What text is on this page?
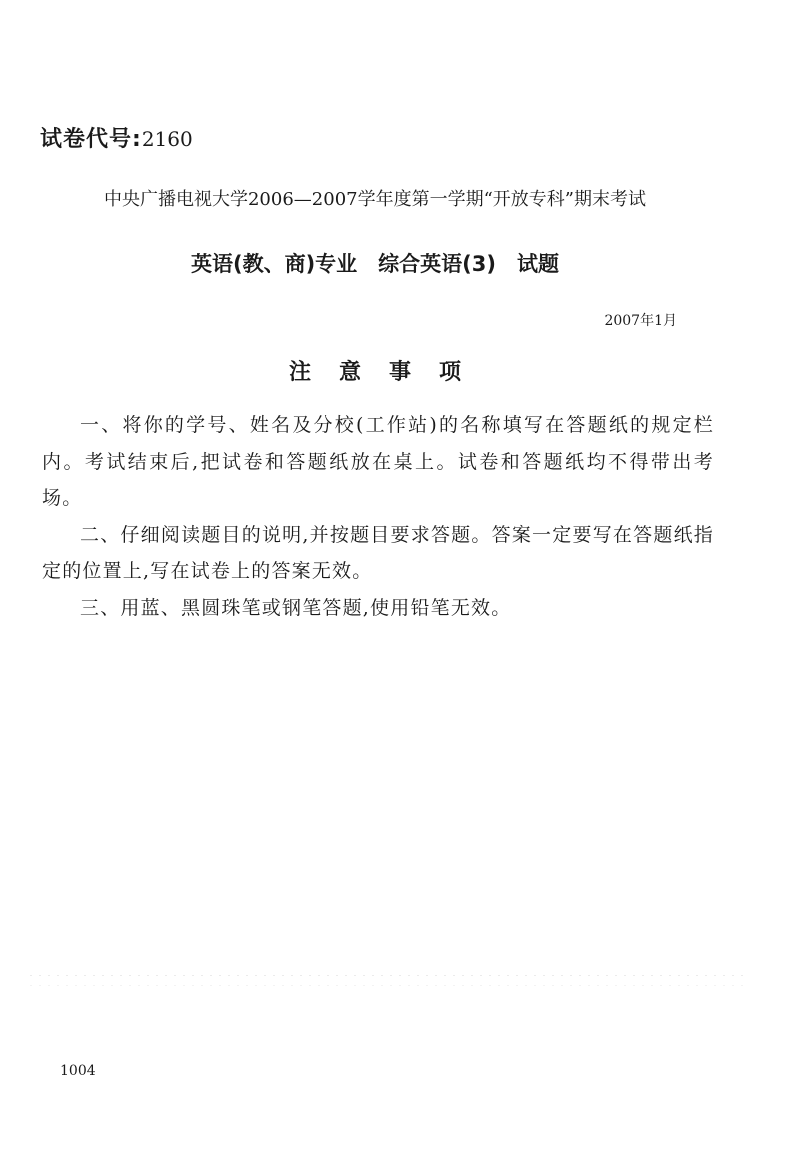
试卷代号:2160
中央广播电视大学2006—2007学年度第一学期“开放专科”期末考试
英语(教、商)专业　综合英语(3)　试题
2007年1月
注意事项

一、将你的学号、姓名及分校(工作站)的名称填写在答题纸的规定栏内。考试结束后,把试卷和答题纸放在桌上。试卷和答题纸均不得带出考场。

二、仔细阅读题目的说明,并按题目要求答题。答案一定要写在答题纸指定的位置上,写在试卷上的答案无效。

三、用蓝、黑圆珠笔或钢笔答题,使用铅笔无效。

1004
